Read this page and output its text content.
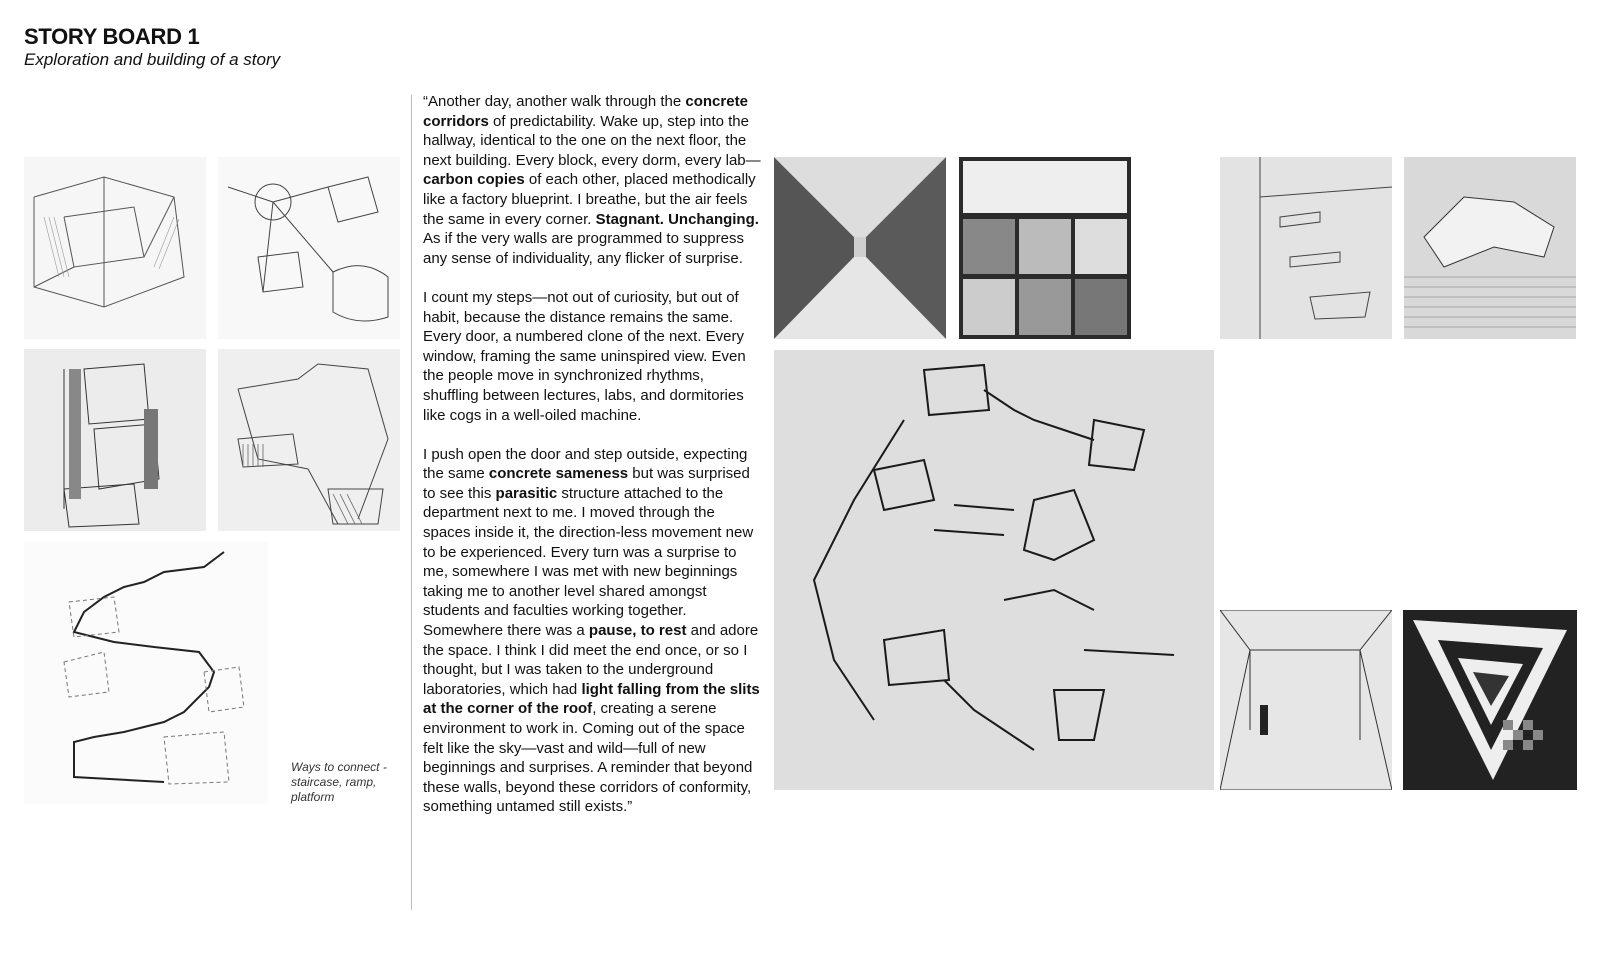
STORY BOARD 1
Exploration and building of a story
Ways to connect -staircase, ramp, platform

“Another day, another walk through the concrete corridors of predictability. Wake up, step into the hallway, identical to the one on the next floor, the next building. Every block, every dorm, every lab—carbon copies of each other, placed methodically like a factory blueprint. I breathe, but the air feels the same in every corner. Stagnant. Unchanging. As if the very walls are programmed to suppress any sense of individuality, any flicker of surprise.

I count my steps—not out of curiosity, but out of habit, because the distance remains the same. Every door, a numbered clone of the next. Every window, framing the same uninspired view. Even the people move in synchronized rhythms, shuffling between lectures, labs, and dormitories like cogs in a well-oiled machine.

I push open the door and step outside, expecting the same concrete sameness but was surprised to see this parasitic structure attached to the department next to me. I moved through the spaces inside it, the direction-less movement new to be experienced. Every turn was a surprise to me, somewhere I was met with new beginnings taking me to another level shared amongst students and faculties working together. Somewhere there was a pause, to rest and adore the space. I think I did meet the end once, or so I thought, but I was taken to the underground laboratories, which had light falling from the slits at the corner of the roof, creating a serene environment to work in. Coming out of the space felt like the sky—vast and wild—full of new beginnings and surprises. A reminder that beyond these walls, beyond these corridors of conformity, something untamed still exists.”
